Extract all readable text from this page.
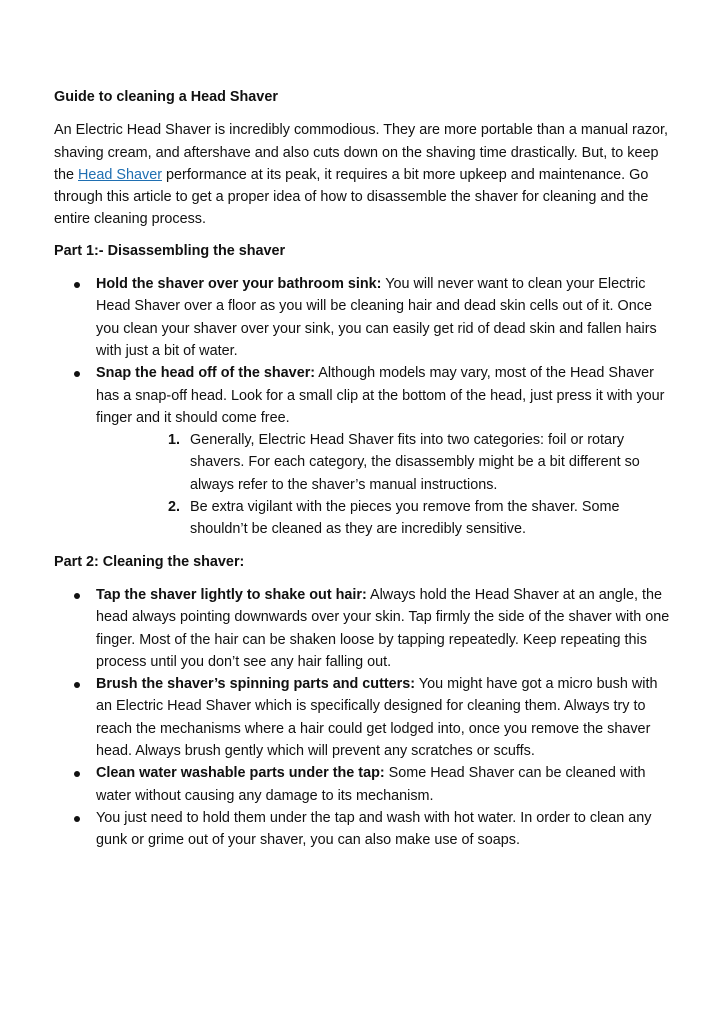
Guide to cleaning a Head Shaver

An Electric Head Shaver is incredibly commodious. They are more portable than a manual razor, shaving cream, and aftershave and also cuts down on the shaving time drastically. But, to keep the Head Shaver performance at its peak, it requires a bit more upkeep and maintenance. Go through this article to get a proper idea of how to disassemble the shaver for cleaning and the entire cleaning process.

Part 1:- Disassembling the shaver
Hold the shaver over your bathroom sink: You will never want to clean your Electric Head Shaver over a floor as you will be cleaning hair and dead skin cells out of it. Once you clean your shaver over your sink, you can easily get rid of dead skin and fallen hairs with just a bit of water.
Snap the head off of the shaver: Although models may vary, most of the Head Shaver has a snap-off head. Look for a small clip at the bottom of the head, just press it with your finger and it should come free.
1. Generally, Electric Head Shaver fits into two categories: foil or rotary shavers. For each category, the disassembly might be a bit different so always refer to the shaver’s manual instructions.
2. Be extra vigilant with the pieces you remove from the shaver. Some shouldn’t be cleaned as they are incredibly sensitive.
Part 2: Cleaning the shaver:
Tap the shaver lightly to shake out hair: Always hold the Head Shaver at an angle, the head always pointing downwards over your skin. Tap firmly the side of the shaver with one finger. Most of the hair can be shaken loose by tapping repeatedly. Keep repeating this process until you don’t see any hair falling out.
Brush the shaver’s spinning parts and cutters: You might have got a micro bush with an Electric Head Shaver which is specifically designed for cleaning them. Always try to reach the mechanisms where a hair could get lodged into, once you remove the shaver head. Always brush gently which will prevent any scratches or scuffs.
Clean water washable parts under the tap: Some Head Shaver can be cleaned with water without causing any damage to its mechanism.
You just need to hold them under the tap and wash with hot water. In order to clean any gunk or grime out of your shaver, you can also make use of soaps.
